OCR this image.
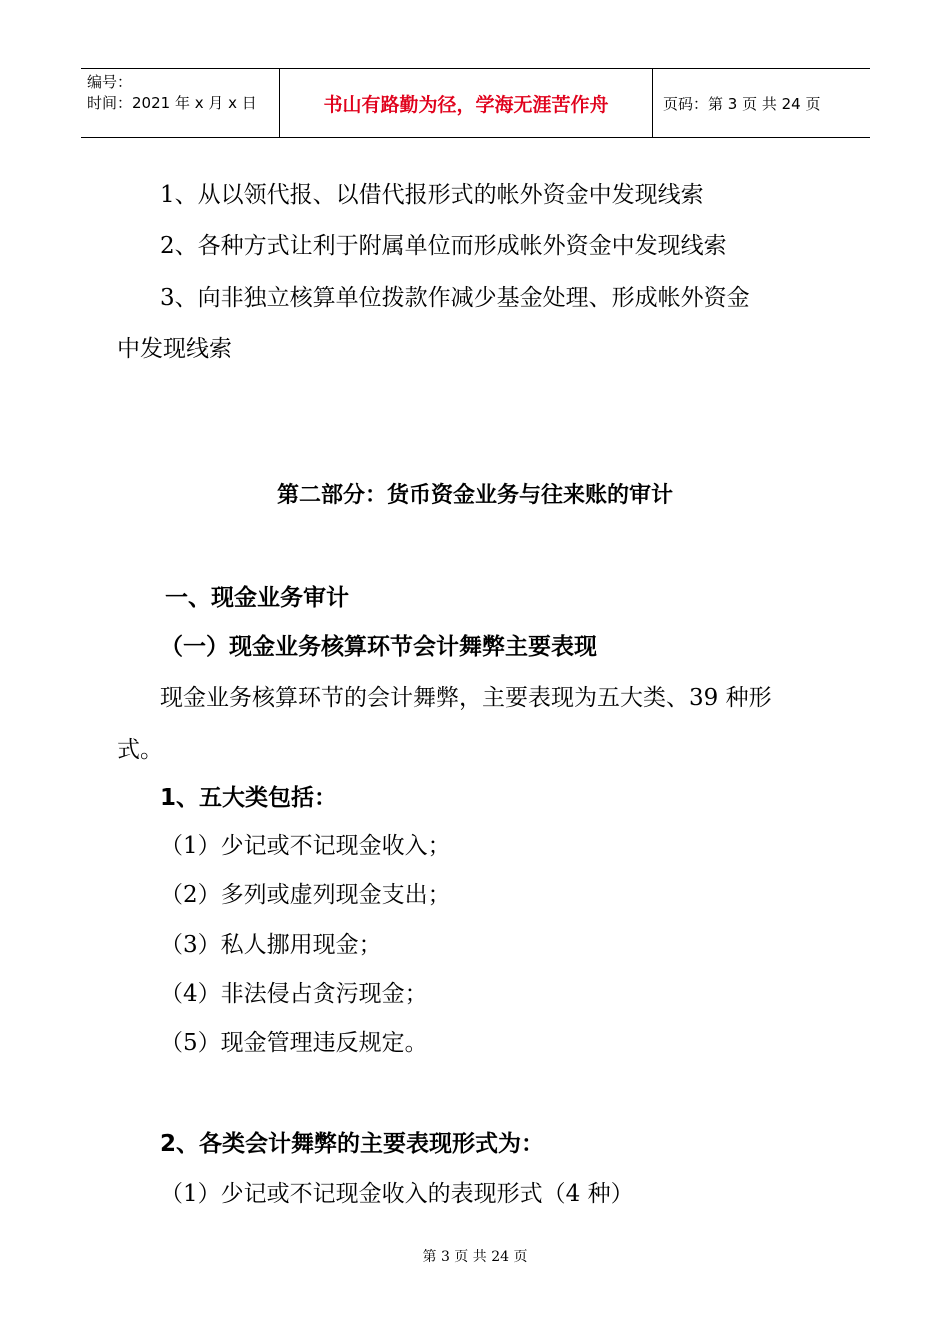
编号：
时间：2021 年 x 月 x 日	书山有路勤为径，学海无涯苦作舟	页码：第 3 页 共 24 页
1、从以领代报、以借代报形式的帐外资金中发现线索
2、各种方式让利于附属单位而形成帐外资金中发现线索
3、向非独立核算单位拨款作减少基金处理、形成帐外资金
中发现线索
第二部分：货币资金业务与往来账的审计
一、现金业务审计
（一）现金业务核算环节会计舞弊主要表现
现金业务核算环节的会计舞弊，主要表现为五大类、39 种形
式。
1、五大类包括：
（1）少记或不记现金收入；
（2）多列或虚列现金支出；
（3）私人挪用现金；
（4）非法侵占贪污现金；
（5）现金管理违反规定。
2、各类会计舞弊的主要表现形式为：
（1）少记或不记现金收入的表现形式（4 种）
第 3 页 共 24 页
